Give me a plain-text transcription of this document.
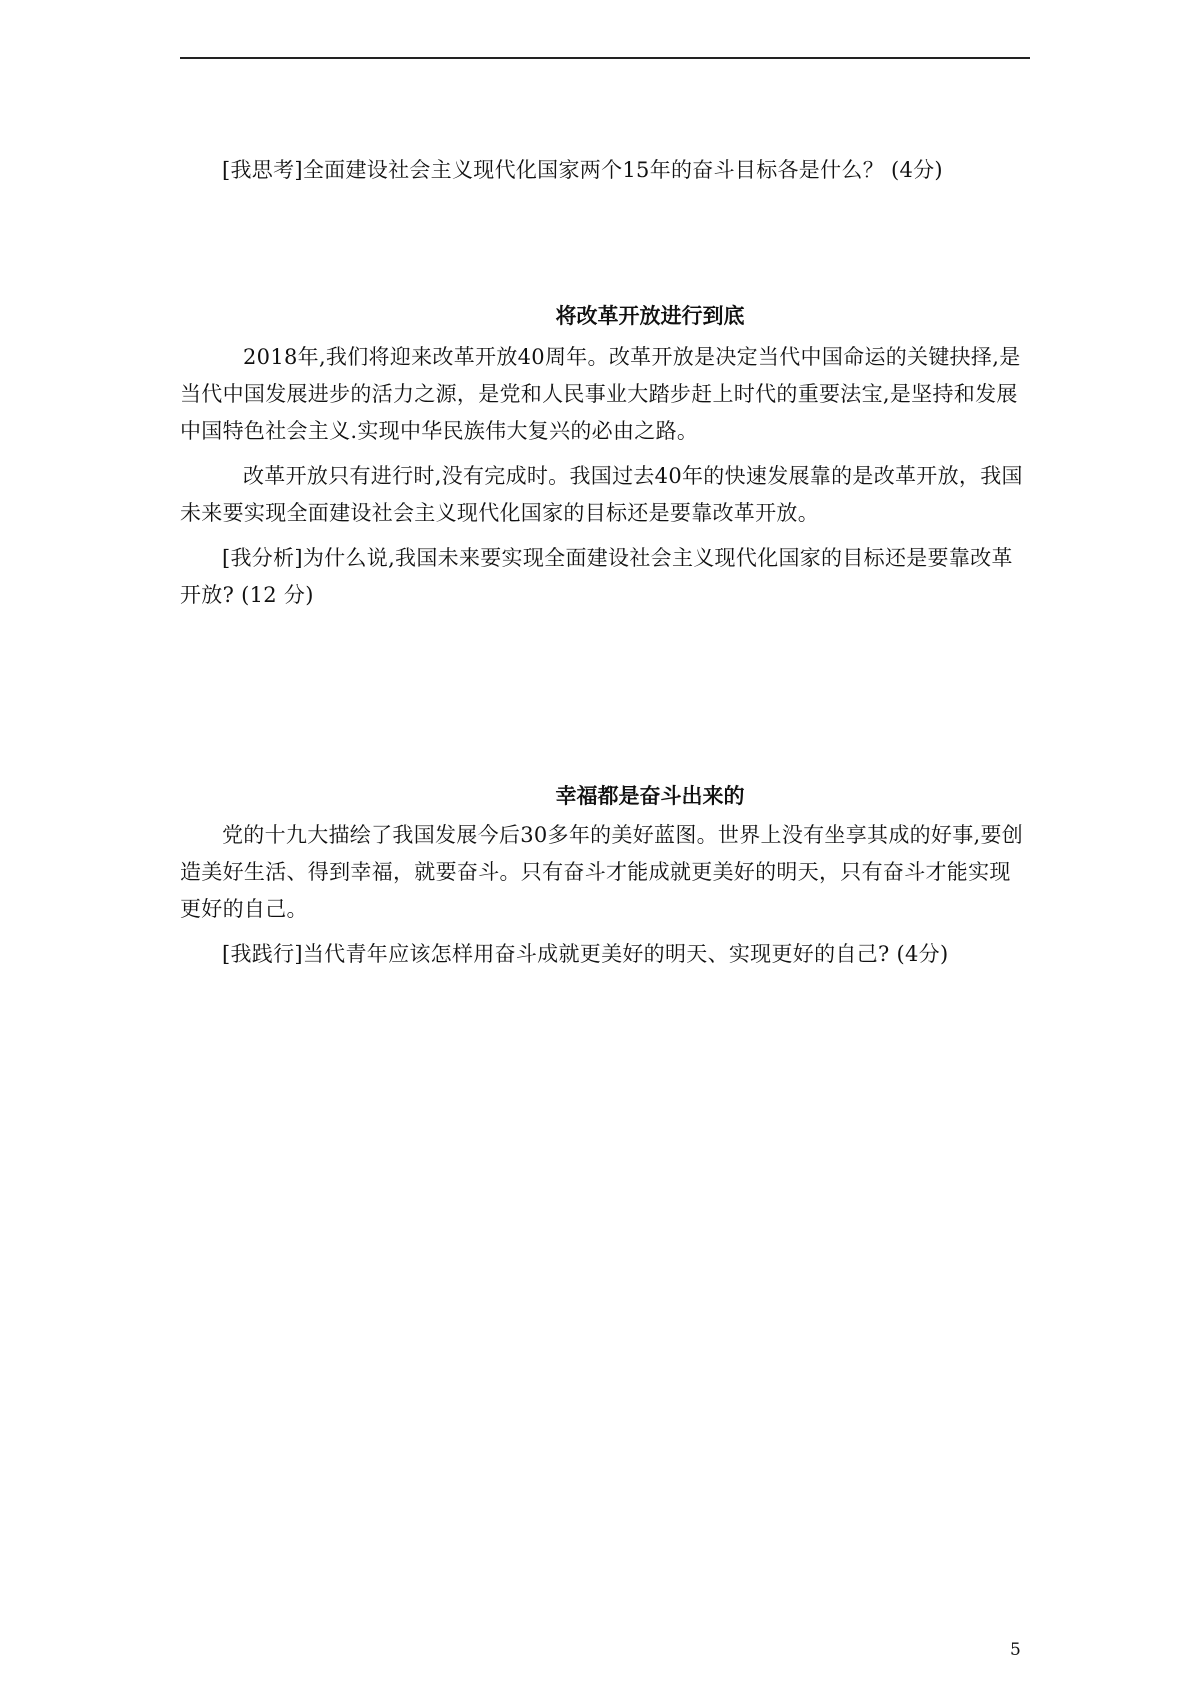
[我思考]全面建设社会主义现代化国家两个15年的奋斗目标各是什么？ (4分)

将改革开放进行到底

2018年,我们将迎来改革开放40周年。改革开放是决定当代中国命运的关键抉择,是当代中国发展进步的活力之源，是党和人民事业大踏步赶上时代的重要法宝,是坚持和发展中国特色社会主义.实现中华民族伟大复兴的必由之路。

改革开放只有进行时,没有完成时。我国过去40年的快速发展靠的是改革开放，我国未来要实现全面建设社会主义现代化国家的目标还是要靠改革开放。

[我分析]为什么说,我国未来要实现全面建设社会主义现代化国家的目标还是要靠改革开放? (12 分)

幸福都是奋斗出来的

党的十九大描绘了我国发展今后30多年的美好蓝图。世界上没有坐享其成的好事,要创造美好生活、得到幸福，就要奋斗。只有奋斗才能成就更美好的明天，只有奋斗才能实现更好的自己。

[我践行]当代青年应该怎样用奋斗成就更美好的明天、实现更好的自己? (4分)

5
